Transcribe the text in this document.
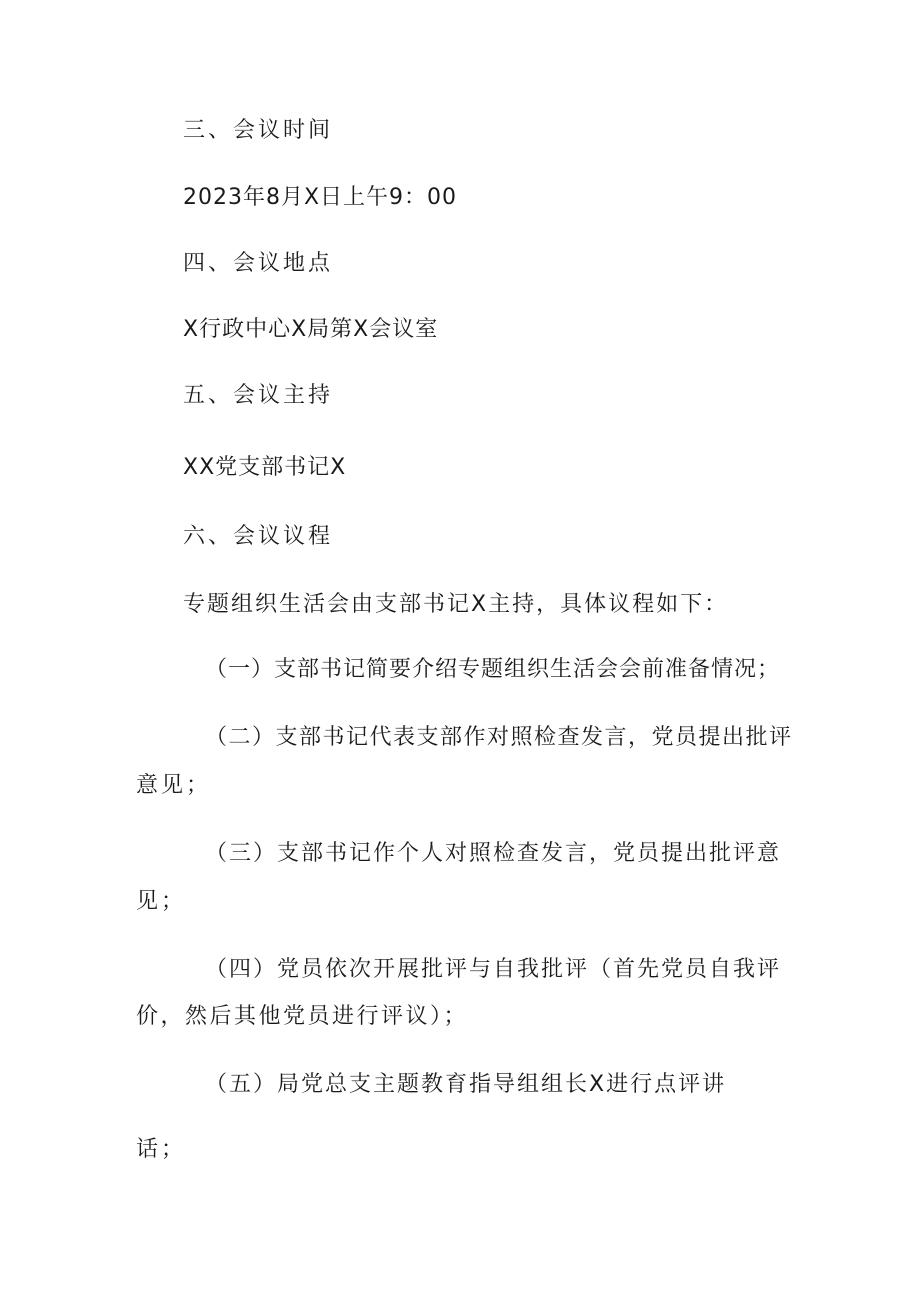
三、会议时间
2023年8月X日上午9：00
四、会议地点
X行政中心X局第X会议室
五、会议主持
XX党支部书记X
六、会议议程
专题组织生活会由支部书记X主持，具体议程如下：
（一）支部书记简要介绍专题组织生活会会前准备情况；
（二）支部书记代表支部作对照检查发言，党员提出批评
意见；
（三）支部书记作个人对照检查发言，党员提出批评意
见；
（四）党员依次开展批评与自我批评（首先党员自我评
价，然后其他党员进行评议）；
（五）局党总支主题教育指导组组长X进行点评讲
话；
